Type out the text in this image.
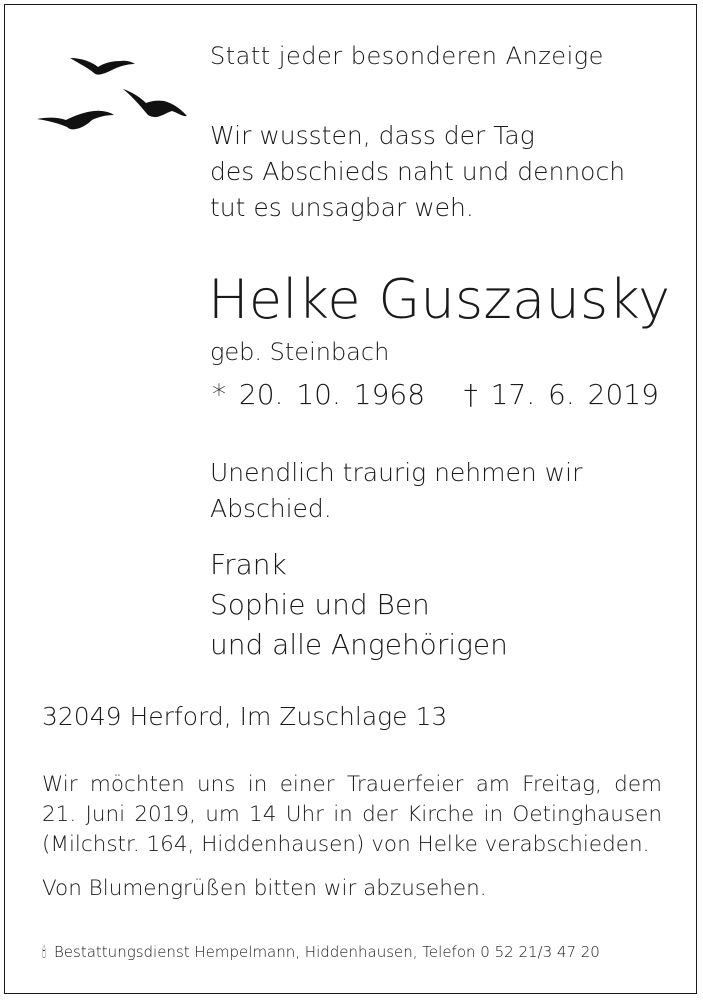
Statt jeder besonderen Anzeige

Wir wussten, dass der Tag
des Abschieds naht und dennoch
tut es unsagbar weh.

Helke Guszausky

geb. Steinbach

* 20. 10. 1968   † 17. 6. 2019

Unendlich traurig nehmen wir
Abschied.
Frank
Sophie und Ben
und alle Angehörigen

32049 Herford, Im Zuschlage 13

Wir möchten uns in einer Trauerfeier am Freitag, dem
21. Juni 2019, um 14 Uhr in der Kirche in Oetinghausen
(Milchstr. 164, Hiddenhausen) von Helke verabschieden.

Von Blumengrüßen bitten wir abzusehen.

🕯︎ Bestattungsdienst Hempelmann, Hiddenhausen, Telefon 0 52 21/3 47 20
